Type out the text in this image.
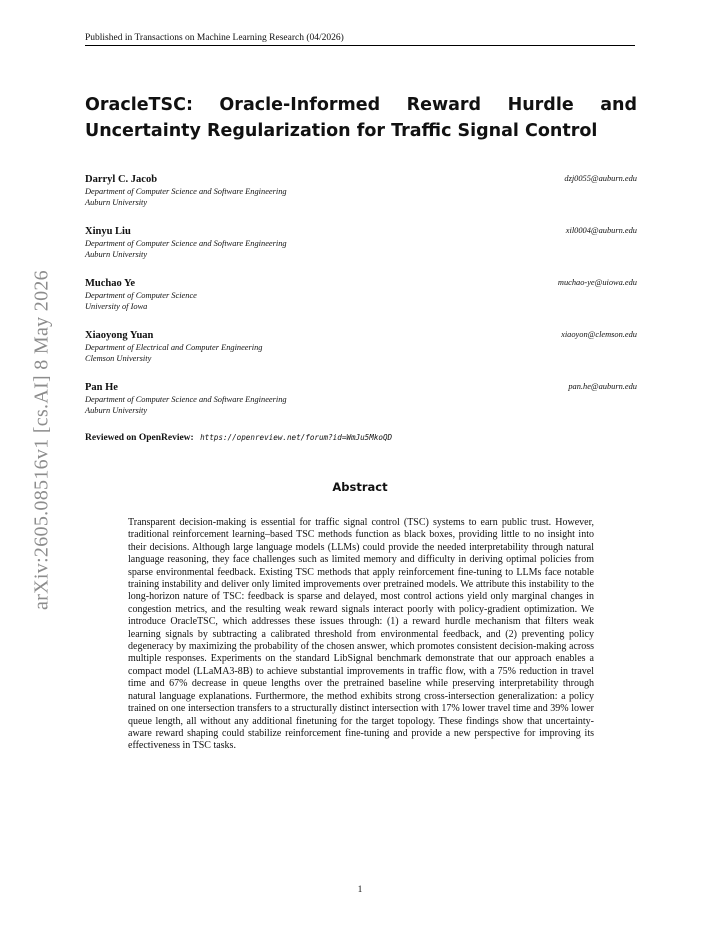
Published in Transactions on Machine Learning Research (04/2026)
OracleTSC: Oracle-Informed Reward Hurdle and Uncertainty Regularization for Traffic Signal Control
Darryl C. Jacob
Department of Computer Science and Software Engineering
Auburn University
dzj0055@auburn.edu
Xinyu Liu
Department of Computer Science and Software Engineering
Auburn University
xil0004@auburn.edu
Muchao Ye
Department of Computer Science
University of Iowa
muchao-ye@uiowa.edu
Xiaoyong Yuan
Department of Electrical and Computer Engineering
Clemson University
xiaoyon@clemson.edu
Pan He
Department of Computer Science and Software Engineering
Auburn University
pan.he@auburn.edu
Reviewed on OpenReview: https://openreview.net/forum?id=WmJu5MkoQD
Abstract

Transparent decision-making is essential for traffic signal control (TSC) systems to earn public trust. However, traditional reinforcement learning–based TSC methods function as black boxes, providing little to no insight into their decisions. Although large language models (LLMs) could provide the needed interpretability through natural language reasoning, they face challenges such as limited memory and difficulty in deriving optimal policies from sparse environmental feedback. Existing TSC methods that apply reinforcement fine-tuning to LLMs face notable training instability and deliver only limited improvements over pretrained models. We attribute this instability to the long-horizon nature of TSC: feedback is sparse and delayed, most control actions yield only marginal changes in congestion metrics, and the resulting weak reward signals interact poorly with policy-gradient optimization. We introduce OracleTSC, which addresses these issues through: (1) a reward hurdle mechanism that filters weak learning signals by subtracting a calibrated threshold from environmental feedback, and (2) preventing policy degeneracy by maximizing the probability of the chosen answer, which promotes consistent decision-making across multiple responses. Experiments on the standard LibSignal benchmark demonstrate that our approach enables a compact model (LLaMA3-8B) to achieve substantial improvements in traffic flow, with a 75% reduction in travel time and 67% decrease in queue lengths over the pretrained baseline while preserving interpretability through natural language explanations. Furthermore, the method exhibits strong cross-intersection generalization: a policy trained on one intersection transfers to a structurally distinct intersection with 17% lower travel time and 39% lower queue length, all without any additional finetuning for the target topology. These findings show that uncertainty-aware reward shaping could stabilize reinforcement fine-tuning and provide a new perspective for improving its effectiveness in TSC tasks.

1
arXiv:2605.08516v1 [cs.AI] 8 May 2026
